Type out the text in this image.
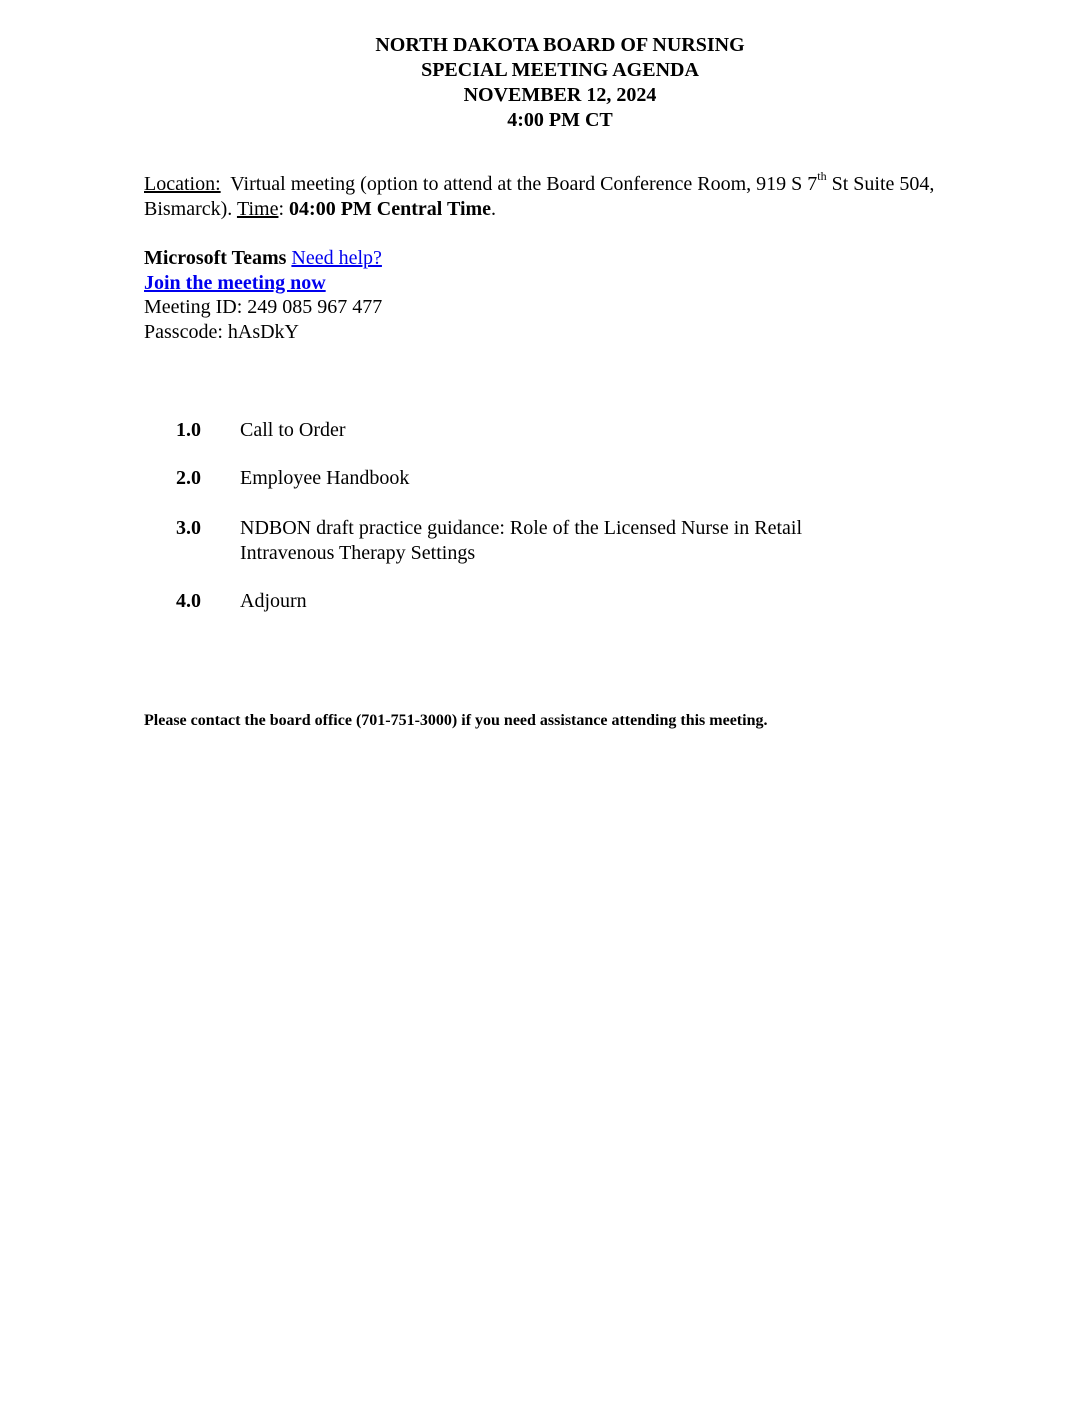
NORTH DAKOTA BOARD OF NURSING
SPECIAL MEETING AGENDA
NOVEMBER 12, 2024
4:00 PM CT
Location:  Virtual meeting (option to attend at the Board Conference Room, 919 S 7th St Suite 504, Bismarck). Time: 04:00 PM Central Time.
Microsoft Teams Need help?
Join the meeting now
Meeting ID: 249 085 967 477
Passcode: hAsDkY
1.0	Call to Order
2.0	Employee Handbook
3.0	NDBON draft practice guidance: Role of the Licensed Nurse in Retail Intravenous Therapy Settings
4.0	Adjourn
Please contact the board office (701-751-3000) if you need assistance attending this meeting.
